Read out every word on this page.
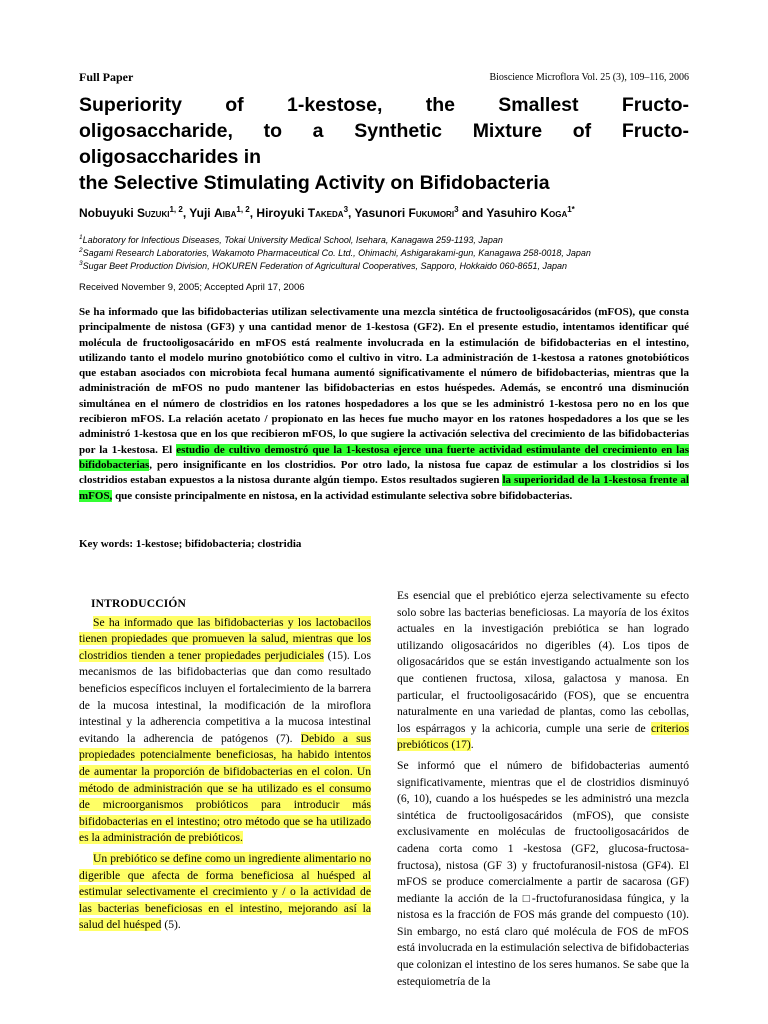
Full Paper	Bioscience Microflora Vol. 25 (3), 109–116, 2006
Superiority of 1-kestose, the Smallest Fructo-
oligosaccharide, to a Synthetic Mixture of Fructo-
oligosaccharides in
the Selective Stimulating Activity on Bifidobacteria
Nobuyuki Suzuki$^{1, 2}$, Yuji Aiba$^{1, 2}$, Hiroyuki Takeda$^3$, Yasunori Fukumori$^3$ and Yasuhiro Koga$^{1*}$
$^1$Laboratory for Infectious Diseases, Tokai University Medical School, Isehara, Kanagawa 259-1193, Japan
$^2$Sagami Research Laboratories, Wakamoto Pharmaceutical Co. Ltd., Ohimachi, Ashigarakami-gun, Kanagawa 258-0018, Japan
$^3$Sugar Beet Production Division, HOKUREN Federation of Agricultural Cooperatives, Sapporo, Hokkaido 060-8651, Japan
Received November 9, 2005; Accepted April 17, 2006

Se ha informado que las bifidobacterias utilizan selectivamente una mezcla sintética de fructooligosacáridos (mFOS), que consta principalmente de nistosa (GF3) y una cantidad menor de 1-kestosa (GF2). En el presente estudio, intentamos identificar qué molécula de fructooligosacárido en mFOS está realmente involucrada en la estimulación de bifidobacterias en el intestino, utilizando tanto el modelo murino gnotobiótico como el cultivo in vitro. La administración de 1-kestosa a ratones gnotobióticos que estaban asociados con microbiota fecal humana aumentó significativamente el número de bifidobacterias, mientras que la administración de mFOS no pudo mantener las bifidobacterias en estos huéspedes. Además, se encontró una disminución simultánea en el número de clostridios en los ratones hospedadores a los que se les administró 1-kestosa pero no en los que recibieron mFOS. La relación acetato / propionato en las heces fue mucho mayor en los ratones hospedadores a los que se les administró 1-kestosa que en los que recibieron mFOS, lo que sugiere la activación selectiva del crecimiento de las bifidobacterias por la 1-kestosa. El estudio de cultivo demostró que la 1-kestosa ejerce una fuerte actividad estimulante del crecimiento en las bifidobacterias, pero insignificante en los clostridios. Por otro lado, la nistosa fue capaz de estimular a los clostridios si los clostridios estaban expuestos a la nistosa durante algún tiempo. Estos resultados sugieren la superioridad de la 1-kestosa frente al mFOS, que consiste principalmente en nistosa, en la actividad estimulante selectiva sobre bifidobacterias.

Key words: 1-kestose; bifidobacteria; clostridia
INTRODUCCIÓN

Se ha informado que las bifidobacterias y los lactobacilos tienen propiedades que promueven la salud, mientras que los clostridios tienden a tener propiedades perjudiciales (15). Los mecanismos de las bifidobacterias que dan como resultado beneficios específicos incluyen el fortalecimiento de la barrera de la mucosa intestinal, la modificación de la miroflora intestinal y la adherencia competitiva a la mucosa intestinal evitando la adherencia de patógenos (7). Debido a sus propiedades potencialmente beneficiosas, ha habido intentos de aumentar la proporción de bifidobacterias en el colon. Un método de administración que se ha utilizado es el consumo de microorganismos probióticos para introducir más bifidobacterias en el intestino; otro método que se ha utilizado es la administración de prebióticos.

Un prebiótico se define como un ingrediente alimentario no digerible que afecta de forma beneficiosa al huésped al estimular selectivamente el crecimiento y / o la actividad de las bacterias beneficiosas en el intestino, mejorando así la salud del huésped (5).

Es esencial que el prebiótico ejerza selectivamente su efecto solo sobre las bacterias beneficiosas. La mayoría de los éxitos actuales en la investigación prebiótica se han logrado utilizando oligosacáridos no digeribles (4). Los tipos de oligosacáridos que se están investigando actualmente son los que contienen fructosa, xilosa, galactosa y manosa. En particular, el fructooligosacárido (FOS), que se encuentra naturalmente en una variedad de plantas, como las cebollas, los espárragos y la achicoria, cumple una serie de criterios prebióticos (17).

Se informó que el número de bifidobacterias aumentó significativamente, mientras que el de clostridios disminuyó (6, 10), cuando a los huéspedes se les administró una mezcla sintética de fructooligosacáridos (mFOS), que consiste exclusivamente en moléculas de fructooligosacáridos de cadena corta como 1 -kestosa (GF2, glucosa-fructosa-fructosa), nistosa (GF 3) y fructofuranosil-nistosa (GF4). El mFOS se produce comercialmente a partir de sacarosa (GF) mediante la acción de la □-fructofuranosidasa fúngica, y la nistosa es la fracción de FOS más grande del compuesto (10). Sin embargo, no está claro qué molécula de FOS de mFOS está involucrada en la estimulación selectiva de bifidobacterias que colonizan el intestino de los seres humanos. Se sabe que la estequiometría de la
